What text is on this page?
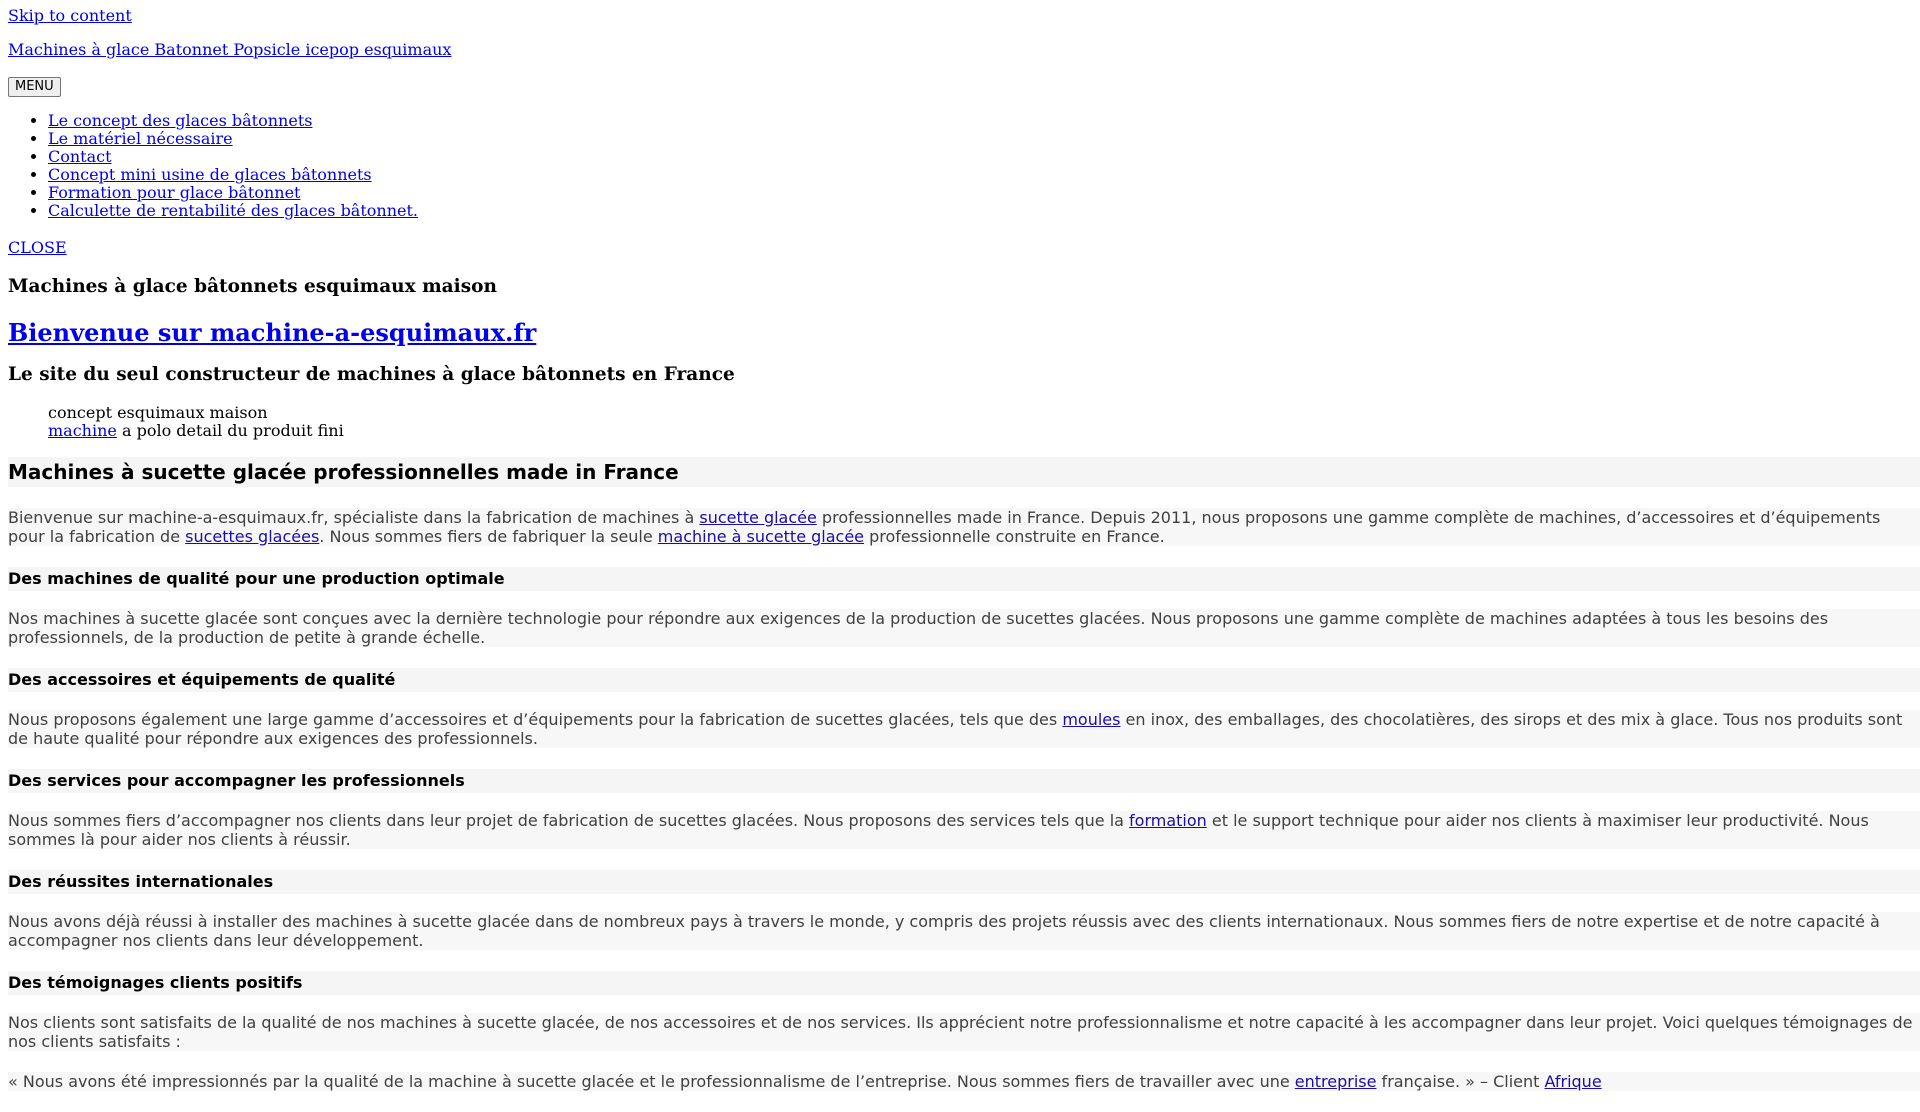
Skip to content
Machines à glace Batonnet Popsicle icepop esquimaux
MENU
• Le concept des glaces bâtonnets
• Le matériel nécessaire
• Contact
• Concept mini usine de glaces bâtonnets
• Formation pour glace bâtonnet
• Calculette de rentabilité des glaces bâtonnet.
CLOSE
Machines à glace bâtonnets esquimaux maison
Bienvenue sur machine-a-esquimaux.fr
Le site du seul constructeur de machines à glace bâtonnets en France
concept esquimaux maison
machine a polo detail du produit fini
Machines à sucette glacée professionnelles made in France

Bienvenue sur machine-a-esquimaux.fr, spécialiste dans la fabrication de machines à sucette glacée professionnelles made in France. Depuis 2011, nous proposons une gamme complète de machines, d’accessoires et d’équipements pour la fabrication de sucettes glacées. Nous sommes fiers de fabriquer la seule machine à sucette glacée professionnelle construite en France.

Des machines de qualité pour une production optimale

Nos machines à sucette glacée sont conçues avec la dernière technologie pour répondre aux exigences de la production de sucettes glacées. Nous proposons une gamme complète de machines adaptées à tous les besoins des professionnels, de la production de petite à grande échelle.

Des accessoires et équipements de qualité

Nous proposons également une large gamme d’accessoires et d’équipements pour la fabrication de sucettes glacées, tels que des moules en inox, des emballages, des chocolatières, des sirops et des mix à glace. Tous nos produits sont de haute qualité pour répondre aux exigences des professionnels.

Des services pour accompagner les professionnels

Nous sommes fiers d’accompagner nos clients dans leur projet de fabrication de sucettes glacées. Nous proposons des services tels que la formation et le support technique pour aider nos clients à maximiser leur productivité. Nous sommes là pour aider nos clients à réussir.

Des réussites internationales

Nous avons déjà réussi à installer des machines à sucette glacée dans de nombreux pays à travers le monde, y compris des projets réussis avec des clients internationaux. Nous sommes fiers de notre expertise et de notre capacité à accompagner nos clients dans leur développement.

Des témoignages clients positifs

Nos clients sont satisfaits de la qualité de nos machines à sucette glacée, de nos accessoires et de nos services. Ils apprécient notre professionnalisme et notre capacité à les accompagner dans leur projet. Voici quelques témoignages de nos clients satisfaits :

« Nous avons été impressionnés par la qualité de la machine à sucette glacée et le professionnalisme de l’entreprise. Nous sommes fiers de travailler avec une entreprise française. » – Client Afrique
